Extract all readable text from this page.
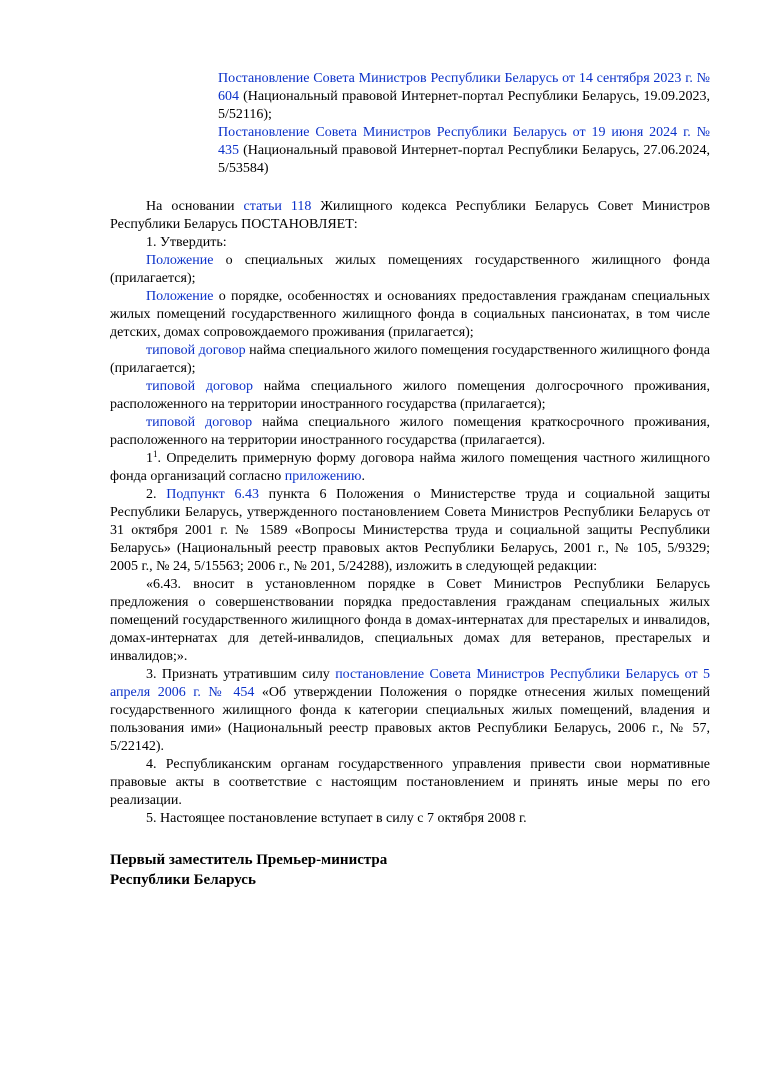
Постановление Совета Министров Республики Беларусь от 14 сентября 2023 г. № 604 (Национальный правовой Интернет-портал Республики Беларусь, 19.09.2023, 5/52116);

Постановление Совета Министров Республики Беларусь от 19 июня 2024 г. № 435 (Национальный правовой Интернет-портал Республики Беларусь, 27.06.2024, 5/53584)

На основании статьи 118 Жилищного кодекса Республики Беларусь Совет Министров Республики Беларусь ПОСТАНОВЛЯЕТ:

1. Утвердить:

Положение о специальных жилых помещениях государственного жилищного фонда (прилагается);

Положение о порядке, особенностях и основаниях предоставления гражданам специальных жилых помещений государственного жилищного фонда в социальных пансионатах, в том числе детских, домах сопровождаемого проживания (прилагается);

типовой договор найма специального жилого помещения государственного жилищного фонда (прилагается);

типовой договор найма специального жилого помещения долгосрочного проживания, расположенного на территории иностранного государства (прилагается);

типовой договор найма специального жилого помещения краткосрочного проживания, расположенного на территории иностранного государства (прилагается).

$1^1$. Определить примерную форму договора найма жилого помещения частного жилищного фонда организаций согласно приложению.

2. Подпункт 6.43 пункта 6 Положения о Министерстве труда и социальной защиты Республики Беларусь, утвержденного постановлением Совета Министров Республики Беларусь от 31 октября 2001 г. № 1589 «Вопросы Министерства труда и социальной защиты Республики Беларусь» (Национальный реестр правовых актов Республики Беларусь, 2001 г., № 105, 5/9329; 2005 г., № 24, 5/15563; 2006 г., № 201, 5/24288), изложить в следующей редакции:

«6.43. вносит в установленном порядке в Совет Министров Республики Беларусь предложения о совершенствовании порядка предоставления гражданам специальных жилых помещений государственного жилищного фонда в домах-интернатах для престарелых и инвалидов, домах-интернатах для детей-инвалидов, специальных домах для ветеранов, престарелых и инвалидов;».

3. Признать утратившим силу постановление Совета Министров Республики Беларусь от 5 апреля 2006 г. № 454 «Об утверждении Положения о порядке отнесения жилых помещений государственного жилищного фонда к категории специальных жилых помещений, владения и пользования ими» (Национальный реестр правовых актов Республики Беларусь, 2006 г., № 57, 5/22142).

4. Республиканским органам государственного управления привести свои нормативные правовые акты в соответствие с настоящим постановлением и принять иные меры по его реализации.

5. Настоящее постановление вступает в силу с 7 октября 2008 г.

Первый заместитель Премьер-министра
Республики Беларусь
